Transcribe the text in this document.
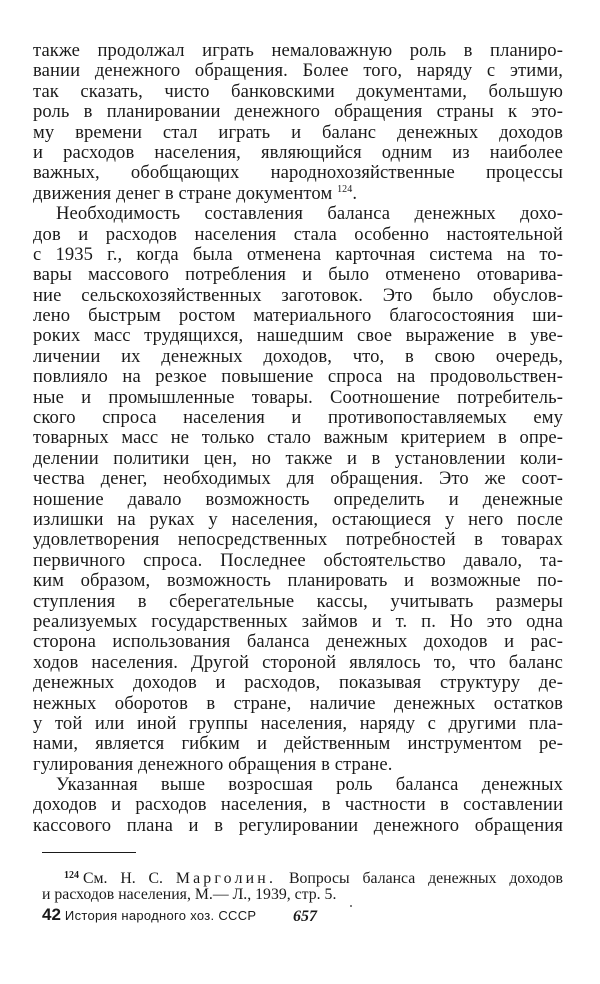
также продолжал играть немаловажную роль в планиро-
вании денежного обращения. Более того, наряду с этими,
так сказать, чисто банковскими документами, большую
роль в планировании денежного обращения страны к это-
му времени стал играть и баланс денежных доходов
и расходов населения, являющийся одним из наиболее
важных, обобщающих народнохозяйственные процессы
движения денег в стране документом $^{124}$.
Необходимость составления баланса денежных дохо-
дов и расходов населения стала особенно настоятельной
с 1935 г., когда была отменена карточная система на то-
вары массового потребления и было отменено отоварива-
ние сельскохозяйственных заготовок. Это было обуслов-
лено быстрым ростом материального благосостояния ши-
роких масс трудящихся, нашедшим свое выражение в уве-
личении их денежных доходов, что, в свою очередь,
повлияло на резкое повышение спроса на продовольствен-
ные и промышленные товары. Соотношение потребитель-
ского спроса населения и противопоставляемых ему
товарных масс не только стало важным критерием в опре-
делении политики цен, но также и в установлении коли-
чества денег, необходимых для обращения. Это же соот-
ношение давало возможность определить и денежные
излишки на руках у населения, остающиеся у него после
удовлетворения непосредственных потребностей в товарах
первичного спроса. Последнее обстоятельство давало, та-
ким образом, возможность планировать и возможные по-
ступления в сберегательные кассы, учитывать размеры
реализуемых государственных займов и т. п. Но это одна
сторона использования баланса денежных доходов и рас-
ходов населения. Другой стороной являлось то, что баланс
денежных доходов и расходов, показывая структуру де-
нежных оборотов в стране, наличие денежных остатков
у той или иной группы населения, наряду с другими пла-
нами, является гибким и действенным инструментом ре-
гулирования денежного обращения в стране.
Указанная выше возросшая роль баланса денежных
доходов и расходов населения, в частности в составлении
кассового плана и в регулировании денежного обращения
$^{124}$ См. Н. С. Марголин. Вопросы баланса денежных доходов
и расходов населения, М.— Л., 1939, стр. 5.
42 История народного хоз. СССР	657
